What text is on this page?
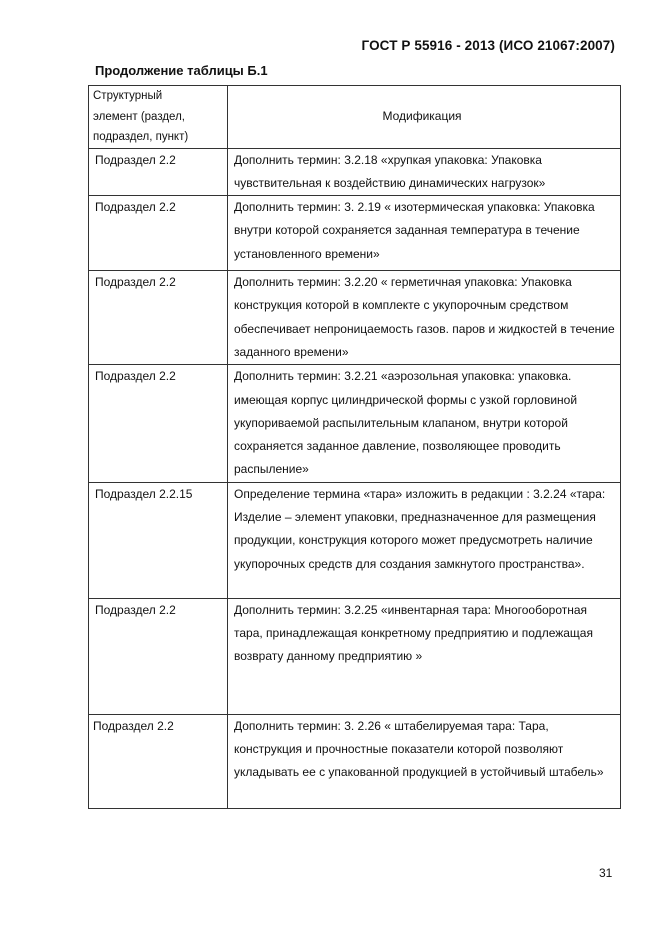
ГОСТ Р 55916 - 2013 (ИСО 21067:2007)
Продолжение таблицы Б.1
Структурный
элемент (раздел,
подраздел, пункт)	Модификация
Подраздел 2.2	Дополнить термин: 3.2.18 «хрупкая упаковка: Упаковка чувствительная к воздействию динамических нагрузок»
Подраздел 2.2	Дополнить термин: 3. 2.19 « изотермическая упаковка: Упаковка внутри которой сохраняется заданная температура в течение установленного времени»
Подраздел 2.2	Дополнить термин: 3.2.20 « герметичная упаковка: Упаковка конструкция которой в комплекте с укупорочным средством обеспечивает непроницаемость газов. паров и жидкостей в течение заданного времени»
Подраздел 2.2	Дополнить термин: 3.2.21 «аэрозольная упаковка: упаковка. имеющая корпус цилиндрической формы с узкой горловиной укупориваемой распылительным клапаном, внутри которой сохраняется заданное давление, позволяющее проводить распыление»
Подраздел 2.2.15	Определение термина «тара» изложить в редакции : 3.2.24 «тара: Изделие – элемент упаковки, предназначенное для размещения продукции, конструкция которого может предусмотреть наличие укупорочных средств для создания замкнутого пространства».
Подраздел 2.2	Дополнить термин: 3.2.25 «инвентарная тара: Многооборотная тара, принадлежащая конкретному предприятию и подлежащая возврату данному предприятию »
Подраздел 2.2	Дополнить термин: 3. 2.26 « штабелируемая тара: Тара, конструкция и прочностные показатели которой позволяют укладывать ее с упакованной продукцией в устойчивый штабель»
31
